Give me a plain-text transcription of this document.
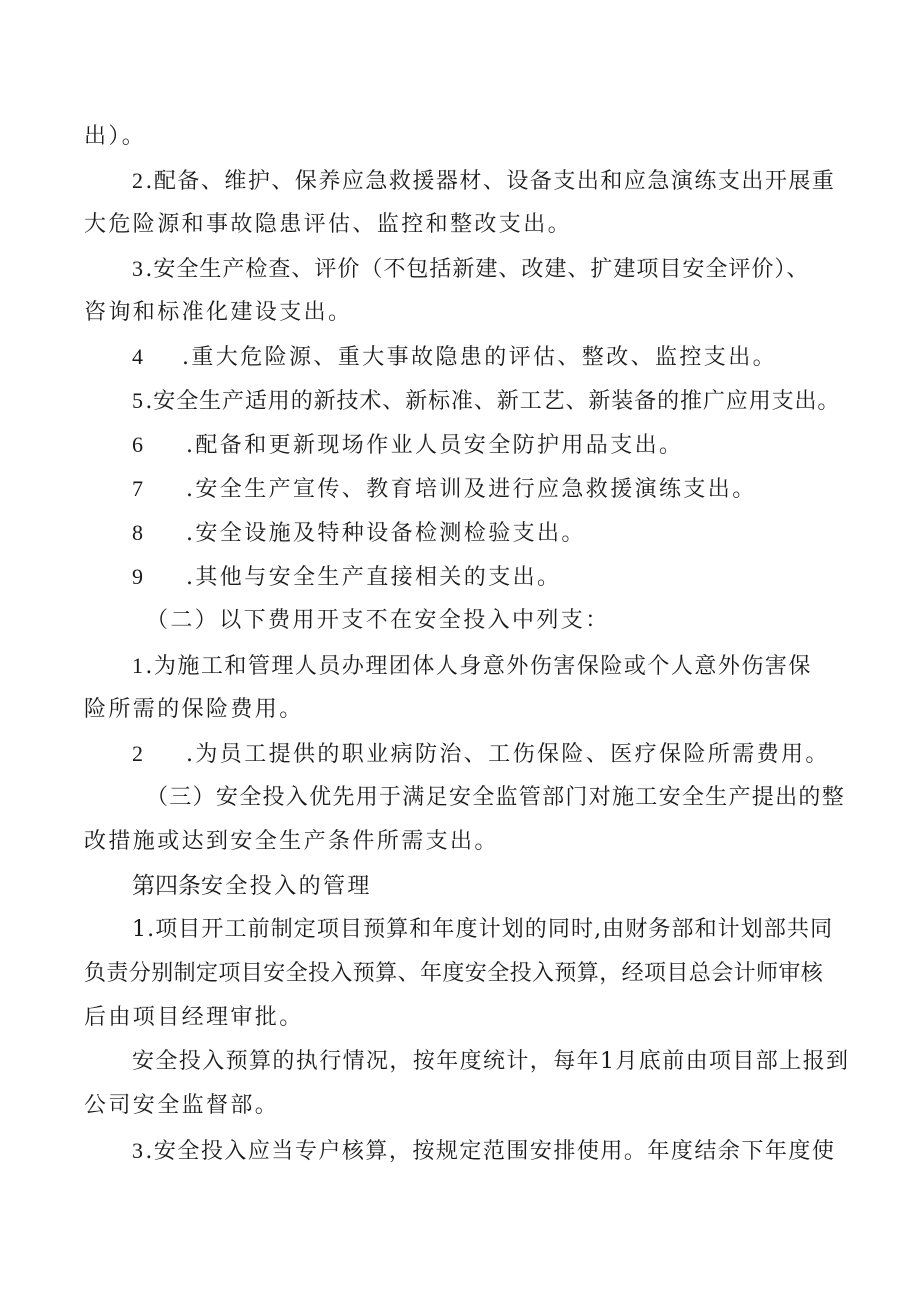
出）。
2.配备、维护、保养应急救援器材、设备支出和应急演练支出开展重
大危险源和事故隐患评估、监控和整改支出。
3.安全生产检查、评价（不包括新建、改建、扩建项目安全评价）、
咨询和标准化建设支出。
4 .重大危险源、重大事故隐患的评估、整改、监控支出。
5.安全生产适用的新技术、新标准、新工艺、新装备的推广应用支出。
6 .配备和更新现场作业人员安全防护用品支出。
7 .安全生产宣传、教育培训及进行应急救援演练支出。
8 .安全设施及特种设备检测检验支出。
9 .其他与安全生产直接相关的支出。
（二）以下费用开支不在安全投入中列支：
1.为施工和管理人员办理团体人身意外伤害保险或个人意外伤害保
险所需的保险费用。
2 .为员工提供的职业病防治、工伤保险、医疗保险所需费用。
（三）安全投入优先用于满足安全监管部门对施工安全生产提出的整
改措施或达到安全生产条件所需支出。
第四条安全投入的管理
1.项目开工前制定项目预算和年度计划的同时,由财务部和计划部共同
负责分别制定项目安全投入预算、年度安全投入预算，经项目总会计师审核
后由项目经理审批。
安全投入预算的执行情况，按年度统计，每年1月底前由项目部上报到
公司安全监督部。
3.安全投入应当专户核算，按规定范围安排使用。年度结余下年度使
